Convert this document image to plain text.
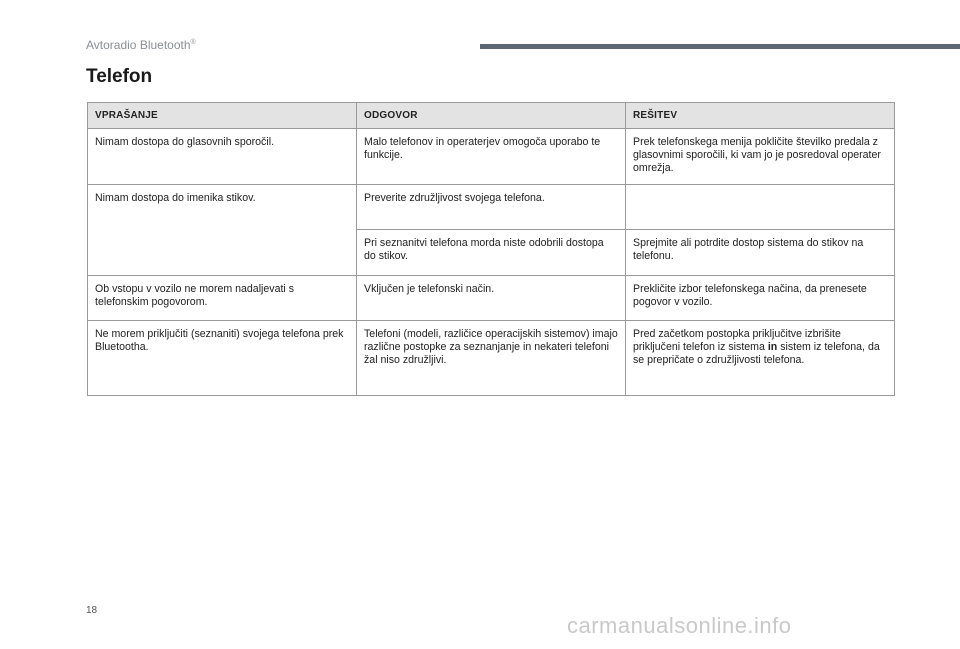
Avtoradio Bluetooth®
Telefon
VPRAŠANJE	ODGOVOR	REŠITEV
Nimam dostopa do glasovnih sporočil.	Malo telefonov in operaterjev omogoča uporabo te funkcije.	Prek telefonskega menija pokličite številko predala z glasovnimi sporočili, ki vam jo je posredoval operater omrežja.
Nimam dostopa do imenika stikov.	Preverite združljivost svojega telefona.	
	Pri seznanitvi telefona morda niste odobrili dostopa do stikov.	Sprejmite ali potrdite dostop sistema do stikov na telefonu.
Ob vstopu v vozilo ne morem nadaljevati s telefonskim pogovorom.	Vključen je telefonski način.	Prekličite izbor telefonskega načina, da prenesete pogovor v vozilo.
Ne morem priključiti (seznaniti) svojega telefona prek Bluetootha.	Telefoni (modeli, različice operacijskih sistemov) imajo različne postopke za seznanjanje in nekateri telefoni žal niso združljivi.	Pred začetkom postopka priključitve izbrišite priključeni telefon iz sistema in sistem iz telefona, da se prepričate o združljivosti telefona.
18
carmanualsonline.info
